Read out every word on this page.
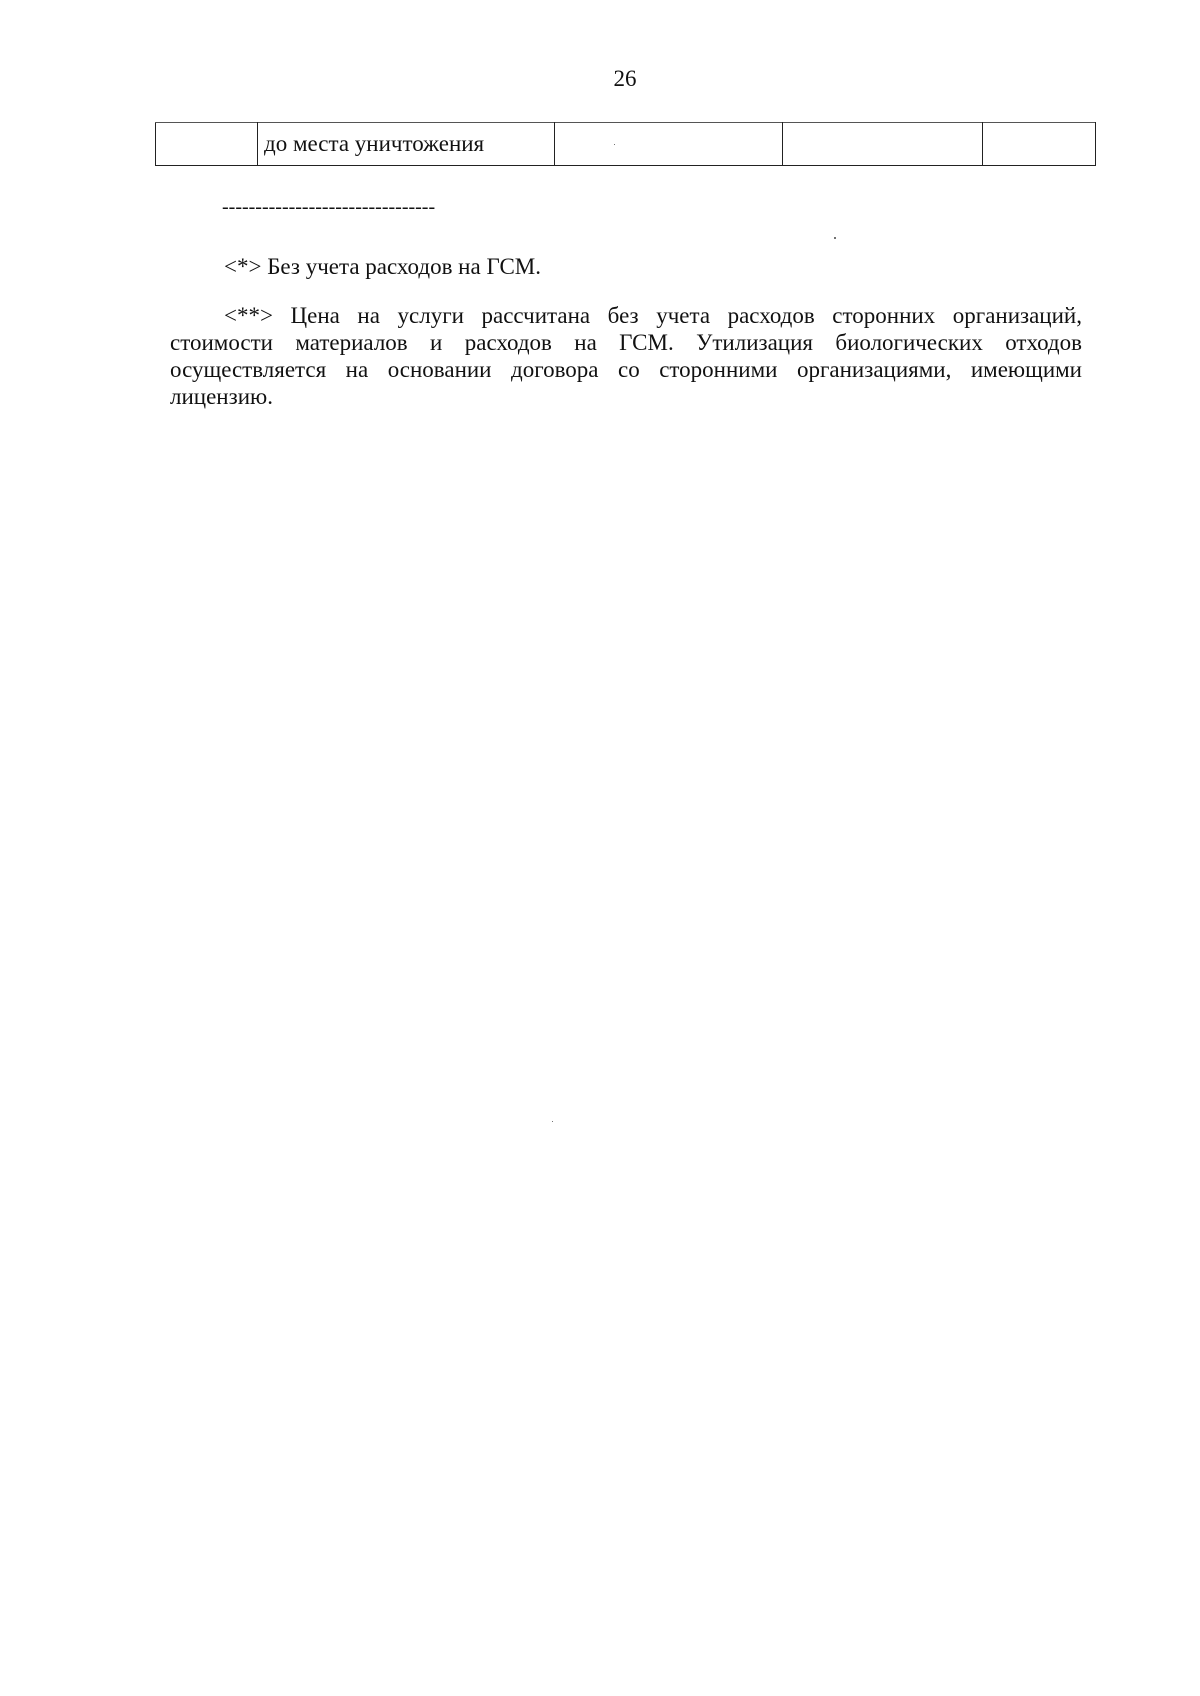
26
	до места уничтожения			
--------------------------------
<*> Без учета расходов на ГСМ.
<**> Цена на услуги рассчитана без учета расходов сторонних организаций, стоимости материалов и расходов на ГСМ. Утилизация биологических отходов осуществляется на основании договора со сторонними организациями, имеющими лицензию.
